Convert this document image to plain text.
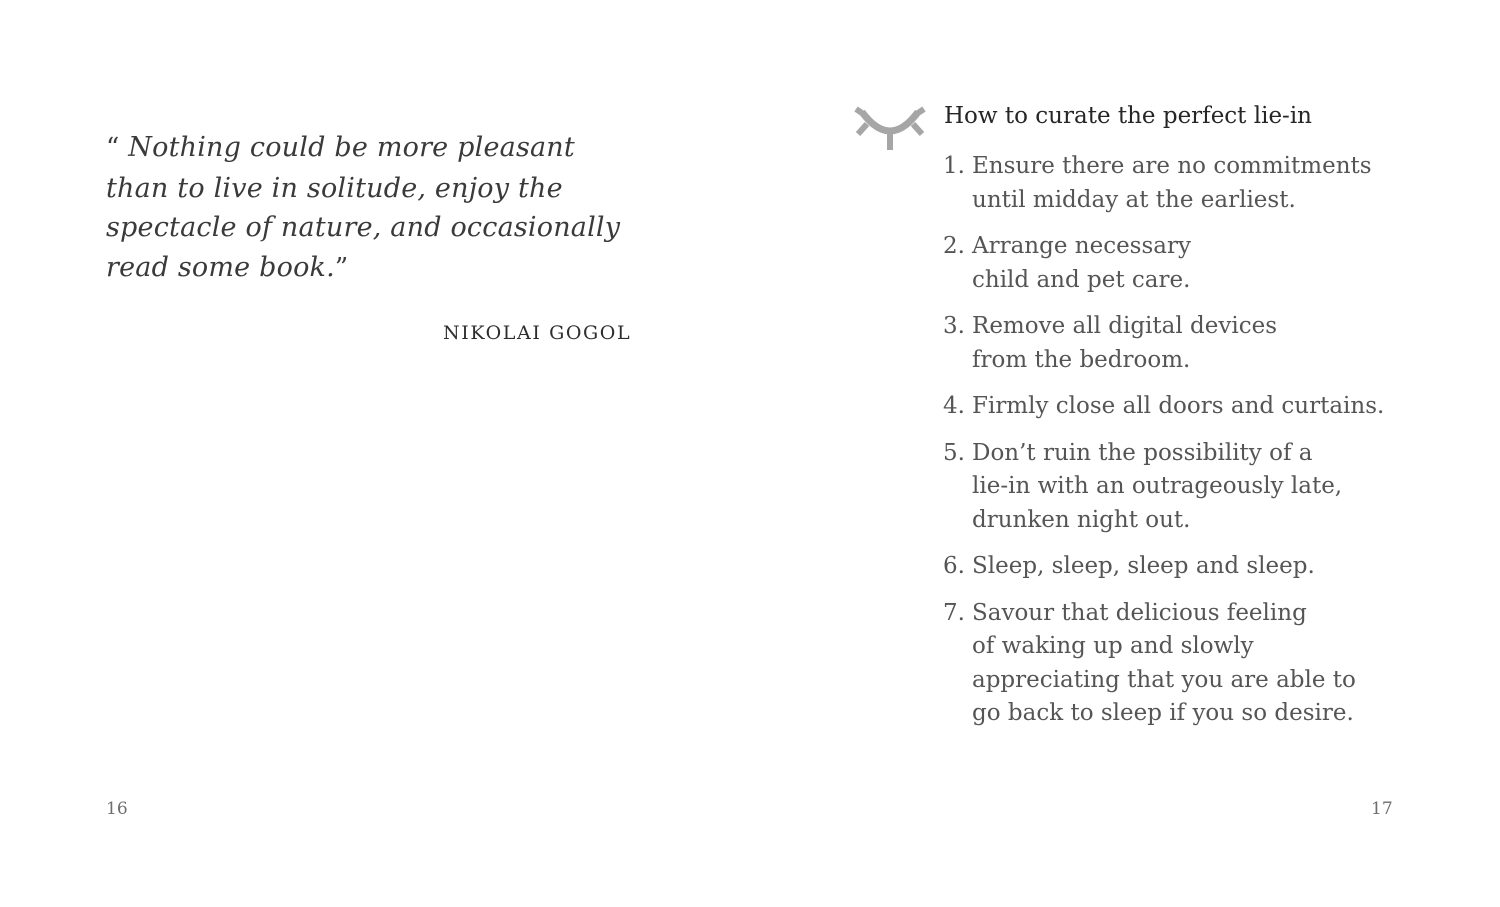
“ Nothing could be more pleasant
than to live in solitude, enjoy the
spectacle of nature, and occasionally
read some book.”

NIKOLAI GOGOL
16
How to curate the perfect lie-in
1. Ensure there are no commitments
until midday at the earliest.
2. Arrange necessary
child and pet care.
3. Remove all digital devices
from the bedroom.
4. Firmly close all doors and curtains.
5. Don’t ruin the possibility of a
lie-in with an outrageously late,
drunken night out.
6. Sleep, sleep, sleep and sleep.
7. Savour that delicious feeling
of waking up and slowly
appreciating that you are able to
go back to sleep if you so desire.
17
